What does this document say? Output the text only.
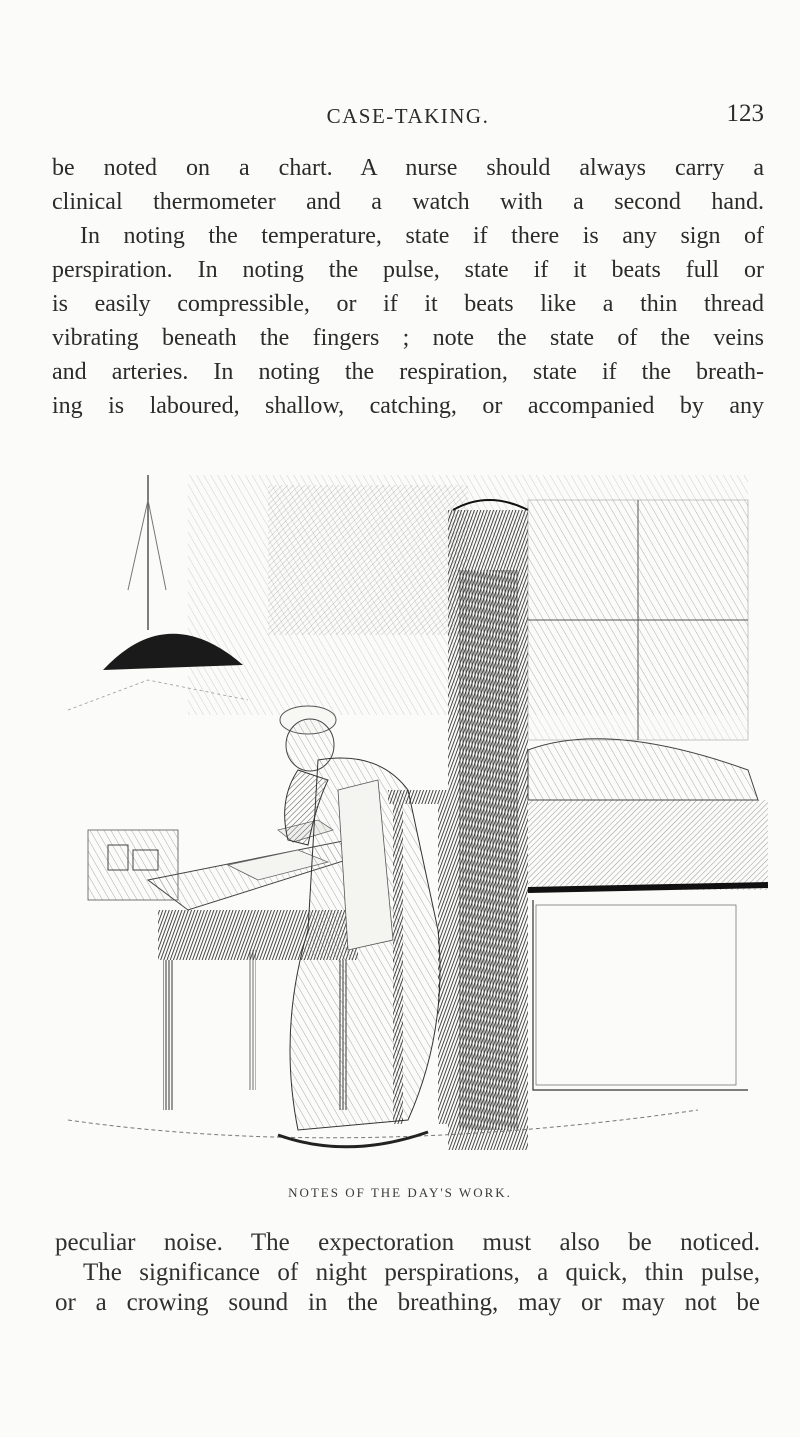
CASE-TAKING.	123

be noted on a chart. A nurse should always carry a
clinical thermometer and a watch with a second hand.
In noting the temperature, state if there is any sign of
perspiration. In noting the pulse, state if it beats full or
is easily compressible, or if it beats like a thin thread
vibrating beneath the fingers ; note the state of the veins
and arteries. In noting the respiration, state if the breath-
ing is laboured, shallow, catching, or accompanied by any

NOTES OF THE DAY'S WORK.

peculiar noise. The expectoration must also be noticed.
The significance of night perspirations, a quick, thin pulse,
or a crowing sound in the breathing, may or may not be
